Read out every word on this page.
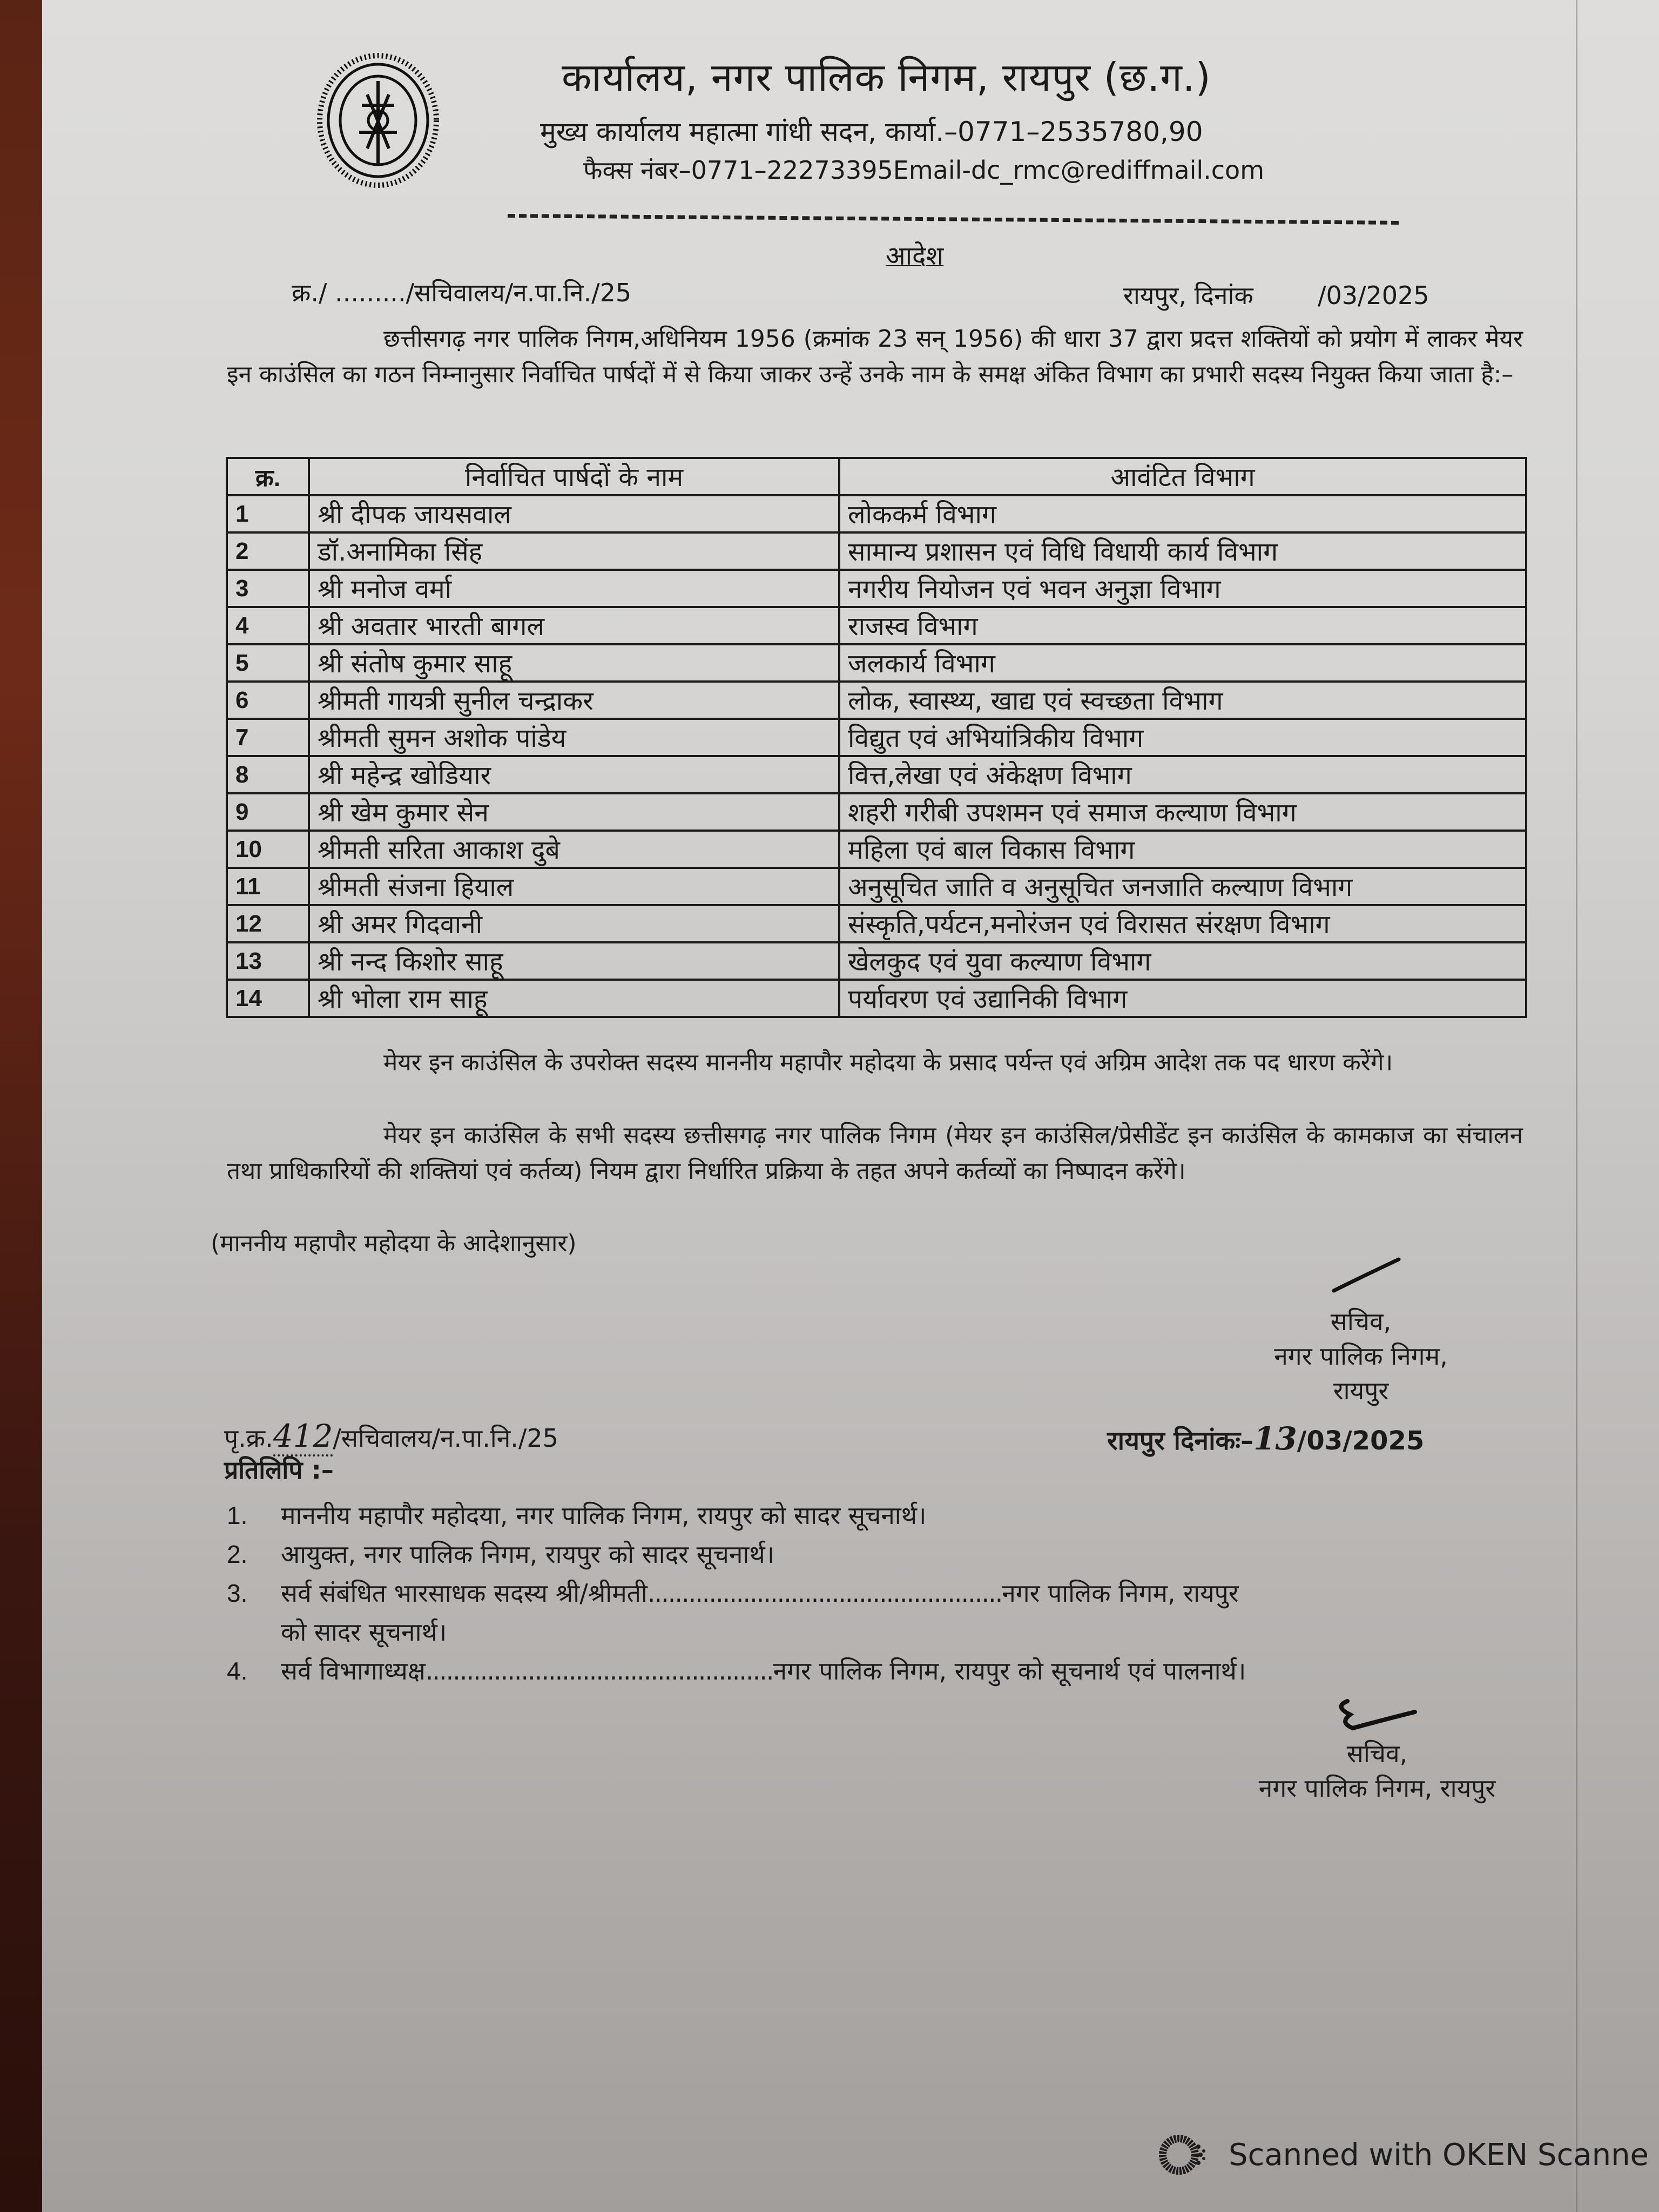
कार्यालय, नगर पालिक निगम, रायपुर (छ.ग.)
मुख्य कार्यालय महात्मा गांधी सदन, कार्या.–0771–2535780,90
फैक्स नंबर–0771–22273395Email-dc_rmc@rediffmail.com
आदेश
क्र./ ........./सचिवालय/न.पा.नि./25	रायपुर, दिनांक	/03/2025
छत्तीसगढ़ नगर पालिक निगम,अधिनियम 1956 (क्रमांक 23 सन् 1956) की धारा 37 द्वारा प्रदत्त शक्तियों को प्रयोग में लाकर मेयर इन काउंसिल का गठन निम्नानुसार निर्वाचित पार्षदों में से किया जाकर उन्हें उनके नाम के समक्ष अंकित विभाग का प्रभारी सदस्य नियुक्त किया जाता है:–
क्र.	निर्वाचित पार्षदों के नाम	आवंटित विभाग
1	श्री दीपक जायसवाल	लोककर्म विभाग
2	डॉ.अनामिका सिंह	सामान्य प्रशासन एवं विधि विधायी कार्य विभाग
3	श्री मनोज वर्मा	नगरीय नियोजन एवं भवन अनुज्ञा विभाग
4	श्री अवतार भारती बागल	राजस्व विभाग
5	श्री संतोष कुमार साहू	जलकार्य विभाग
6	श्रीमती गायत्री सुनील चन्द्राकर	लोक, स्वास्थ्य, खाद्य एवं स्वच्छता विभाग
7	श्रीमती सुमन अशोक पांडेय	विद्युत एवं अभियांत्रिकीय विभाग
8	श्री महेन्द्र खोडियार	वित्त,लेखा एवं अंकेक्षण विभाग
9	श्री खेम कुमार सेन	शहरी गरीबी उपशमन एवं समाज कल्याण विभाग
10	श्रीमती सरिता आकाश दुबे	महिला एवं बाल विकास विभाग
11	श्रीमती संजना हियाल	अनुसूचित जाति व अनुसूचित जनजाति कल्याण विभाग
12	श्री अमर गिदवानी	संस्कृति,पर्यटन,मनोरंजन एवं विरासत संरक्षण विभाग
13	श्री नन्द किशोर साहू	खेलकुद एवं युवा कल्याण विभाग
14	श्री भोला राम साहू	पर्यावरण एवं उद्यानिकी विभाग
मेयर इन काउंसिल के उपरोक्त सदस्य माननीय महापौर महोदया के प्रसाद पर्यन्त एवं अग्रिम आदेश तक पद धारण करेंगे।
मेयर इन काउंसिल के सभी सदस्य छत्तीसगढ़ नगर पालिक निगम (मेयर इन काउंसिल/प्रेसीडेंट इन काउंसिल के कामकाज का संचालन तथा प्राधिकारियों की शक्तियां एवं कर्तव्य) नियम द्वारा निर्धारित प्रक्रिया के तहत अपने कर्तव्यों का निष्पादन करेंगे।
(माननीय महापौर महोदया के आदेशानुसार)
सचिव,
नगर पालिक निगम,
रायपुर
पृ.क्र.412/सचिवालय/न.पा.नि./25	रायपुर दिनांकः–13/03/2025
प्रतिलिपि :–
1.	माननीय महापौर महोदया, नगर पालिक निगम, रायपुर को सादर सूचनार्थ।
2.	आयुक्त, नगर पालिक निगम, रायपुर को सादर सूचनार्थ।
3.	सर्व संबंधित भारसाधक सदस्य श्री/श्रीमती....................................................नगर पालिक निगम, रायपुर
को सादर सूचनार्थ।
4.	सर्व विभागाध्यक्ष...................................................नगर पालिक निगम, रायपुर को सूचनार्थ एवं पालनार्थ।
सचिव,
नगर पालिक निगम, रायपुर
Scanned with OKEN Scanne
